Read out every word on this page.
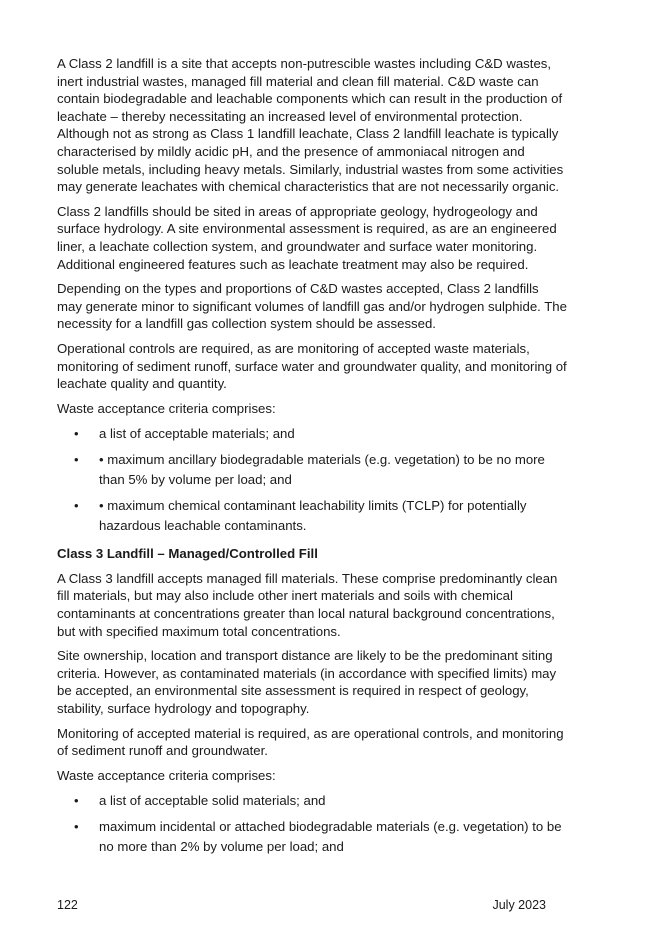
A Class 2 landfill is a site that accepts non-putrescible wastes including C&D wastes, inert industrial wastes, managed fill material and clean fill material. C&D waste can contain biodegradable and leachable components which can result in the production of leachate – thereby necessitating an increased level of environmental protection. Although not as strong as Class 1 landfill leachate, Class 2 landfill leachate is typically characterised by mildly acidic pH, and the presence of ammoniacal nitrogen and soluble metals, including heavy metals. Similarly, industrial wastes from some activities may generate leachates with chemical characteristics that are not necessarily organic.

Class 2 landfills should be sited in areas of appropriate geology, hydrogeology and surface hydrology. A site environmental assessment is required, as are an engineered liner, a leachate collection system, and groundwater and surface water monitoring. Additional engineered features such as leachate treatment may also be required.

Depending on the types and proportions of C&D wastes accepted, Class 2 landfills may generate minor to significant volumes of landfill gas and/or hydrogen sulphide. The necessity for a landfill gas collection system should be assessed.

Operational controls are required, as are monitoring of accepted waste materials, monitoring of sediment runoff, surface water and groundwater quality, and monitoring of leachate quality and quantity.

Waste acceptance criteria comprises:

• a list of acceptable materials; and
• • maximum ancillary biodegradable materials (e.g. vegetation) to be no more than 5% by volume per load; and
• • maximum chemical contaminant leachability limits (TCLP) for potentially hazardous leachable contaminants.

Class 3 Landfill – Managed/Controlled Fill

A Class 3 landfill accepts managed fill materials. These comprise predominantly clean fill materials, but may also include other inert materials and soils with chemical contaminants at concentrations greater than local natural background concentrations, but with specified maximum total concentrations.

Site ownership, location and transport distance are likely to be the predominant siting criteria. However, as contaminated materials (in accordance with specified limits) may be accepted, an environmental site assessment is required in respect of geology, stability, surface hydrology and topography.

Monitoring of accepted material is required, as are operational controls, and monitoring of sediment runoff and groundwater.

Waste acceptance criteria comprises:

• a list of acceptable solid materials; and
• maximum incidental or attached biodegradable materials (e.g. vegetation) to be no more than 2% by volume per load; and
122	July 2023
